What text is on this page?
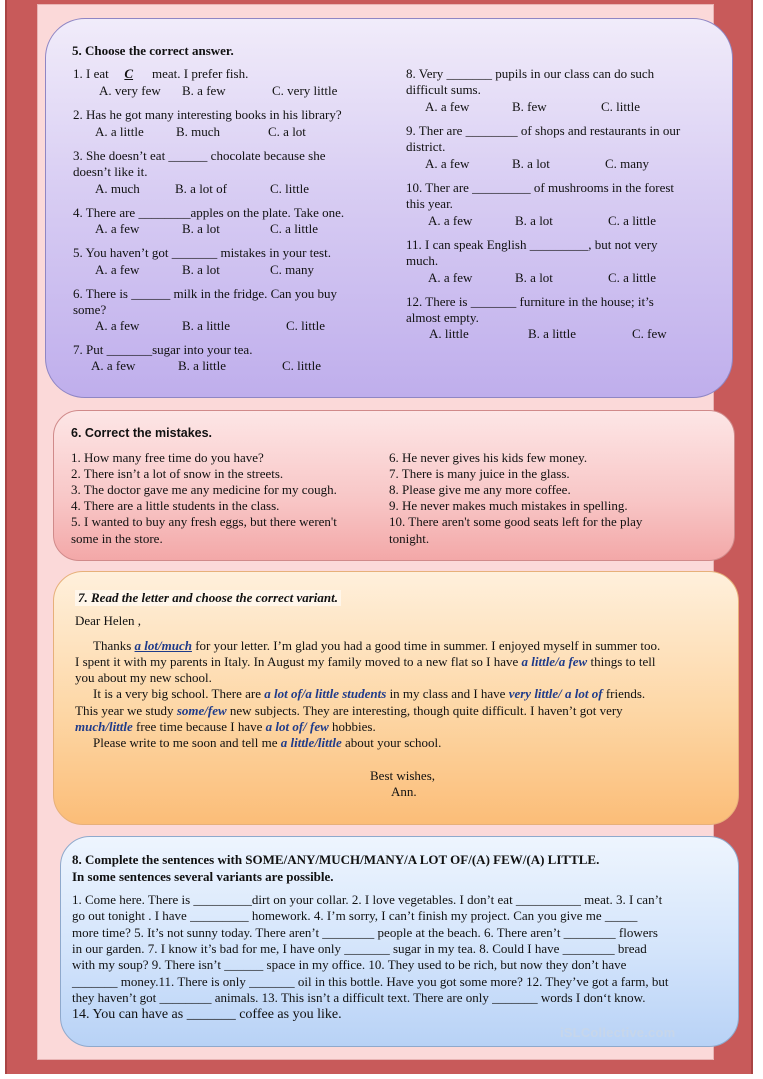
5. Choose the correct answer.
1. I eat C meat. I prefer fish.
A. very few B. a few	C. very little
2. Has he got many interesting books in his library?
A. a little B. much	C. a lot
3. She doesn’t eat ______ chocolate because she
doesn’t like it.
A. much	B. a lot of	C. little
4. There are ________apples on the plate. Take one.
A. a few	B. a lot	C. a little
5. You haven’t got _______ mistakes in your test.
A. a few	B. a lot	C. many
6. There is ______ milk in the fridge. Can you buy
some?
A. a few	B. a little	C. little
7. Put _______sugar into your tea.
A. a few	B. a little	C. little
8. Very _______ pupils in our class can do such
difficult sums.
A. a few	B. few	C. little
9. Ther are ________ of shops and restaurants in our
district.
A. a few	B. a lot	C. many
10. Ther are _________ of mushrooms in the forest
this year.
A. a few	B. a lot	C. a little
11. I can speak English _________, but not very
much.
A. a few	B. a lot	C. a little
12. There is _______ furniture in the house; it’s
almost empty.
A. little	B. a little	C. few
6. Correct the mistakes.
1. How many free time do you have?
2. There isn’t a lot of snow in the streets.
3. The doctor gave me any medicine for my cough.
4. There are a little students in the class.
5. I wanted to buy any fresh eggs, but there weren't
some in the store.
6. He never gives his kids few money.
7. There is many juice in the glass.
8. Please give me any more coffee.
9. He never makes much mistakes in spelling.
10. There aren't some good seats left for the play
tonight.
7. Read the letter and choose the correct variant.
Dear Helen ,
Thanks a lot/much for your letter. I’m glad you had a good time in summer. I enjoyed myself in summer too.
I spent it with my parents in Italy. In August my family moved to a new flat so I have a little/a few things to tell
you about my new school.
It is a very big school. There are a lot of/a little students in my class and I have very little/ a lot of friends.
This year we study some/few new subjects. They are interesting, though quite difficult. I haven’t got very
much/little free time because I have a lot of/ few hobbies.
Please write to me soon and tell me a little/little about your school.
Best wishes,
Ann.
8. Complete the sentences with SOME/ANY/MUCH/MANY/A LOT OF/(A) FEW/(A) LITTLE.
In some sentences several variants are possible.
1. Come here. There is _________dirt on your collar. 2. I love vegetables. I don’t eat __________ meat. 3. I can’t
go out tonight . I have _________ homework. 4. I’m sorry, I can’t finish my project. Can you give me _____
more time? 5. It’s not sunny today. There aren’t ________ people at the beach. 6. There aren’t ________ flowers
in our garden. 7. I know it’s bad for me, I have only _______ sugar in my tea. 8. Could I have ________ bread
with my soup? 9. There isn’t ______ space in my office. 10. They used to be rich, but now they don’t have
_______ money.11. There is only _______ oil in this bottle. Have you got some more? 12. They’ve got a farm, but
they haven’t got ________ animals. 13. This isn’t a difficult text. There are only _______ words I don‘t know.
14. You can have as _______ coffee as you like.
iSLCollective.com
